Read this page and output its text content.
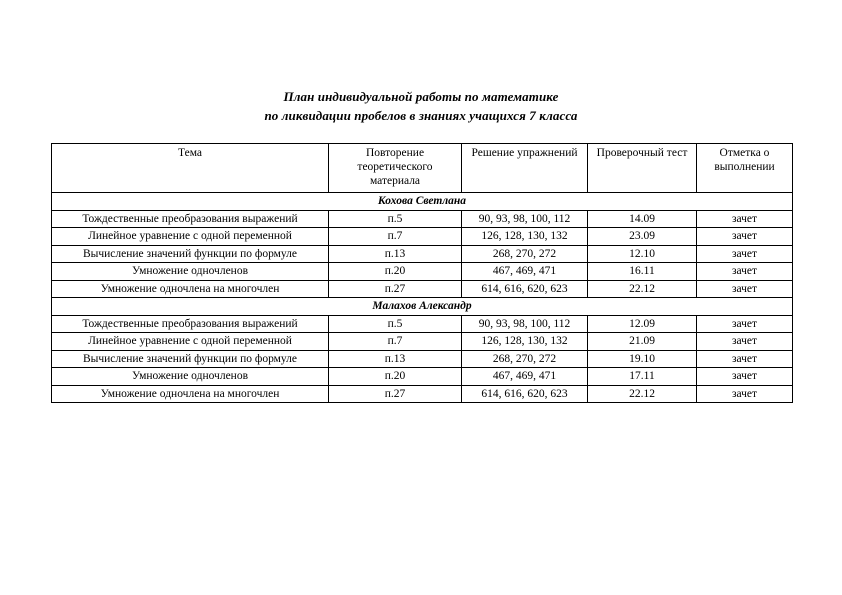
План индивидуальной работы по математике
по ликвидации пробелов в знаниях учащихся 7 класса
Тема	Повторение теоретического материала	Решение упражнений	Проверочный тест	Отметка о выполнении
Кохова Светлана				
Тождественные преобразования выражений	п.5	90, 93, 98, 100, 112	14.09	зачет
Линейное уравнение с одной переменной	п.7	126, 128, 130, 132	23.09	зачет
Вычисление значений функции по формуле	п.13	268, 270, 272	12.10	зачет
Умножение одночленов	п.20	467, 469, 471	16.11	зачет
Умножение одночлена на многочлен	п.27	614, 616, 620, 623	22.12	зачет
Малахов Александр				
Тождественные преобразования выражений	п.5	90, 93, 98, 100, 112	12.09	зачет
Линейное уравнение с одной переменной	п.7	126, 128, 130, 132	21.09	зачет
Вычисление значений функции по формуле	п.13	268, 270, 272	19.10	зачет
Умножение одночленов	п.20	467, 469, 471	17.11	зачет
Умножение одночлена на многочлен	п.27	614, 616, 620, 623	22.12	зачет
